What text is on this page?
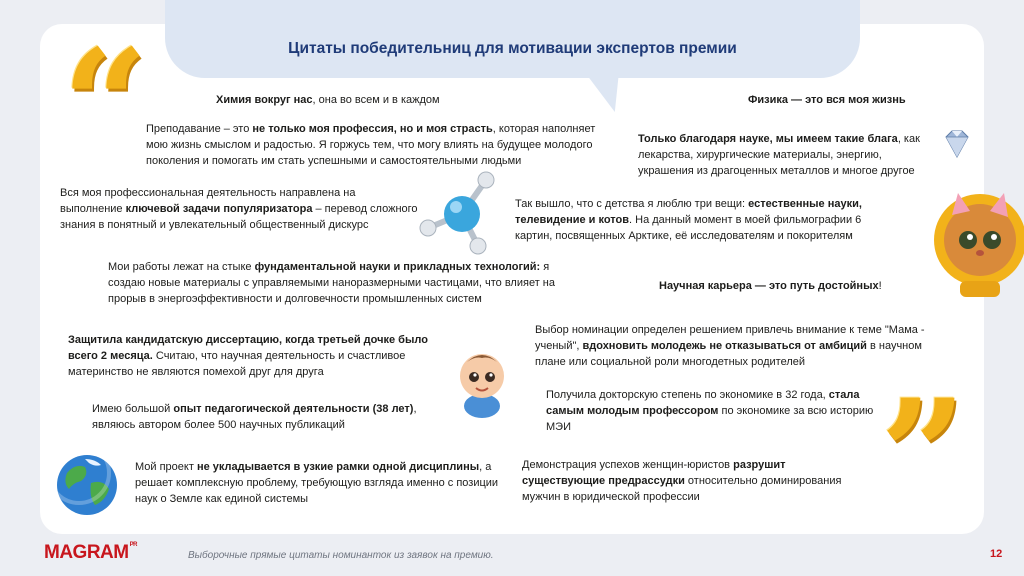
Цитаты победительниц для мотивации экспертов премии
“
”
Химия вокруг нас, она во всем и в каждом
Преподавание – это не только моя профессия, но и моя страсть, которая наполняет мою жизнь смыслом и радостью. Я горжусь тем, что могу влиять на будущее молодого поколения и помогать им стать успешными и самостоятельными людьми
Вся моя профессиональная деятельность направлена на выполнение ключевой задачи популяризатора – перевод сложного знания в понятный и увлекательный общественный дискурс
Мои работы лежат на стыке фундаментальной науки и прикладных технологий: я создаю новые материалы с управляемыми наноразмерными частицами, что влияет на прорыв в энергоэффективности и долговечности промышленных систем
Защитила кандидатскую диссертацию, когда третьей дочке было всего 2 месяца. Считаю, что научная деятельность и счастливое материнство не являются помехой друг для друга
Имею большой опыт педагогической деятельности (38 лет), являюсь автором более 500 научных публикаций
Мой проект не укладывается в узкие рамки одной дисциплины, а решает комплексную проблему, требующую взгляда именно с позиции наук о Земле как единой системы
Физика — это вся моя жизнь
Только благодаря науке, мы имеем такие блага, как лекарства, хирургические материалы, энергию, украшения из драгоценных металлов и многое другое
Так вышло, что с детства я люблю три вещи: естественные науки, телевидение и котов. На данный момент в моей фильмографии 6 картин, посвященных Арктике, её исследователям и покорителям
Научная карьера — это путь достойных!
Выбор номинации определен решением привлечь внимание к теме "Мама - ученый", вдохновить молодежь не отказываться от амбиций в научном плане или социальной роли многодетных родителей
Получила докторскую степень по экономике в 32 года, стала самым молодым профессором по экономике за всю историю МЭИ
Демонстрация успехов женщин-юристов разрушит существующие предрассудки относительно доминирования мужчин в юридической профессии
$MAGRAM^{PR}$
Выборочные прямые цитаты номинанток из заявок на премию.	12
